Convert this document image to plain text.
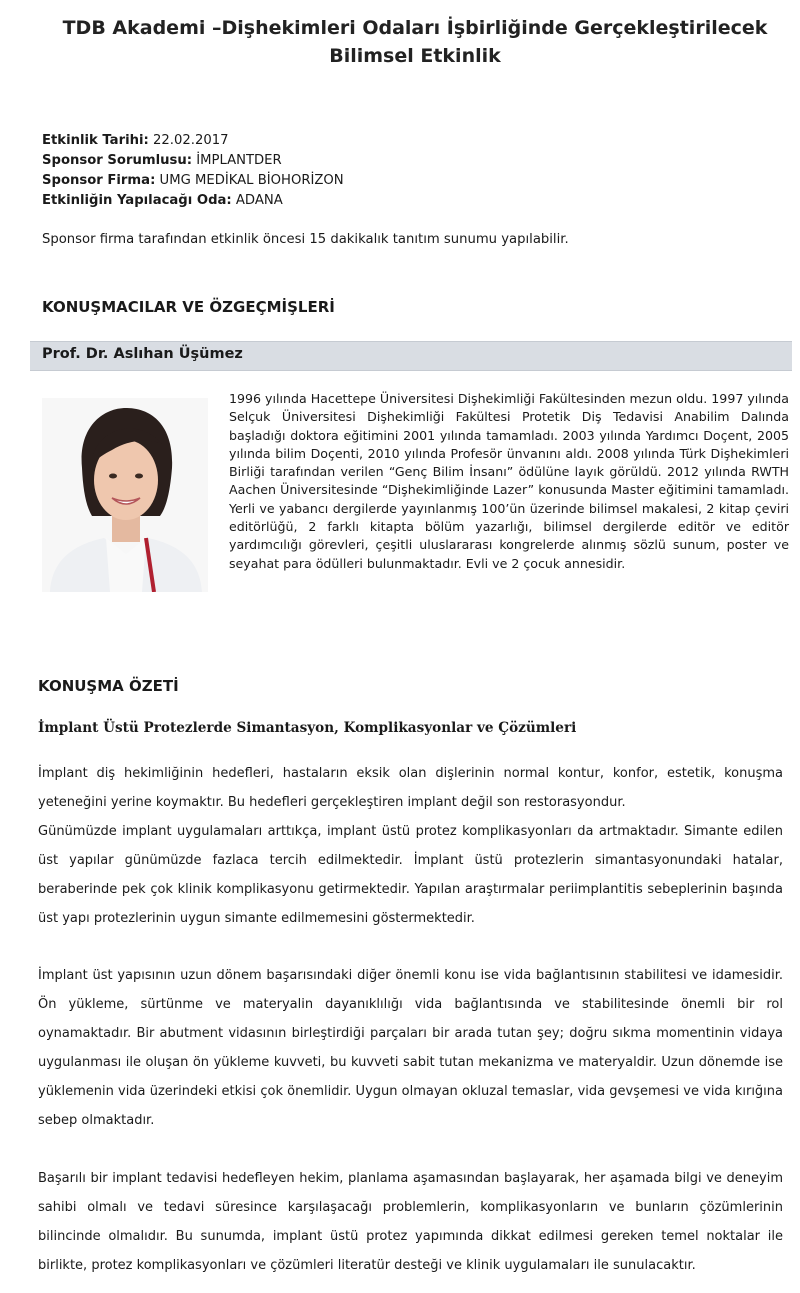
TDB Akademi –Dişhekimleri Odaları İşbirliğinde Gerçekleştirilecek
Bilimsel Etkinlik
Etkinlik Tarihi: 22.02.2017
Sponsor Sorumlusu: İMPLANTDER
Sponsor Firma: UMG MEDİKAL BİOHORİZON
Etkinliğin Yapılacağı Oda: ADANA
Sponsor firma tarafından etkinlik öncesi 15 dakikalık tanıtım sunumu yapılabilir.
KONUŞMACILAR VE ÖZGEÇMİŞLERİ
Prof. Dr. Aslıhan Üşümez
1996 yılında Hacettepe Üniversitesi Dişhekimliği Fakültesinden mezun oldu. 1997 yılında Selçuk Üniversitesi Dişhekimliği Fakültesi Protetik Diş Tedavisi Anabilim Dalında başladığı doktora eğitimini 2001 yılında tamamladı. 2003 yılında Yardımcı Doçent, 2005 yılında bilim Doçenti, 2010 yılında Profesör ünvanını aldı. 2008 yılında Türk Dişhekimleri Birliği tarafından verilen “Genç Bilim İnsanı” ödülüne layık görüldü. 2012 yılında RWTH Aachen Üniversitesinde “Dişhekimliğinde Lazer” konusunda Master eğitimini tamamladı. Yerli ve yabancı dergilerde yayınlanmış 100’ün üzerinde bilimsel makalesi, 2 kitap çeviri editörlüğü, 2 farklı kitapta bölüm yazarlığı, bilimsel dergilerde editör ve editör yardımcılığı görevleri, çeşitli uluslararası kongrelerde alınmış sözlü sunum, poster ve seyahat para ödülleri bulunmaktadır. Evli ve 2 çocuk annesidir.
KONUŞMA ÖZETİ
İmplant Üstü Protezlerde Simantasyon, Komplikasyonlar ve Çözümleri

İmplant diş hekimliğinin hedefleri, hastaların eksik olan dişlerinin normal kontur, konfor, estetik, konuşma yeteneğini yerine koymaktır. Bu hedefleri gerçekleştiren implant değil son restorasyondur.

Günümüzde implant uygulamaları arttıkça, implant üstü protez komplikasyonları da artmaktadır. Simante edilen üst yapılar günümüzde fazlaca tercih edilmektedir. İmplant üstü protezlerin simantasyonundaki hatalar, beraberinde pek çok klinik komplikasyonu getirmektedir. Yapılan araştırmalar periimplantitis sebeplerinin başında üst yapı protezlerinin uygun simante edilmemesini göstermektedir.

İmplant üst yapısının uzun dönem başarısındaki diğer önemli konu ise vida bağlantısının stabilitesi ve idamesidir. Ön yükleme, sürtünme ve materyalin dayanıklılığı vida bağlantısında ve stabilitesinde önemli bir rol oynamaktadır. Bir abutment vidasının birleştirdiği parçaları bir arada tutan şey; doğru sıkma momentinin vidaya uygulanması ile oluşan ön yükleme kuvveti, bu kuvveti sabit tutan mekanizma ve materyaldir. Uzun dönemde ise yüklemenin vida üzerindeki etkisi çok önemlidir. Uygun olmayan okluzal temaslar, vida gevşemesi ve vida kırığına sebep olmaktadır.

Başarılı bir implant tedavisi hedefleyen hekim, planlama aşamasından başlayarak, her aşamada bilgi ve deneyim sahibi olmalı ve tedavi süresince karşılaşacağı problemlerin, komplikasyonların ve bunların çözümlerinin bilincinde olmalıdır. Bu sunumda, implant üstü protez yapımında dikkat edilmesi gereken temel noktalar ile birlikte, protez komplikasyonları ve çözümleri literatür desteği ve klinik uygulamaları ile sunulacaktır.
